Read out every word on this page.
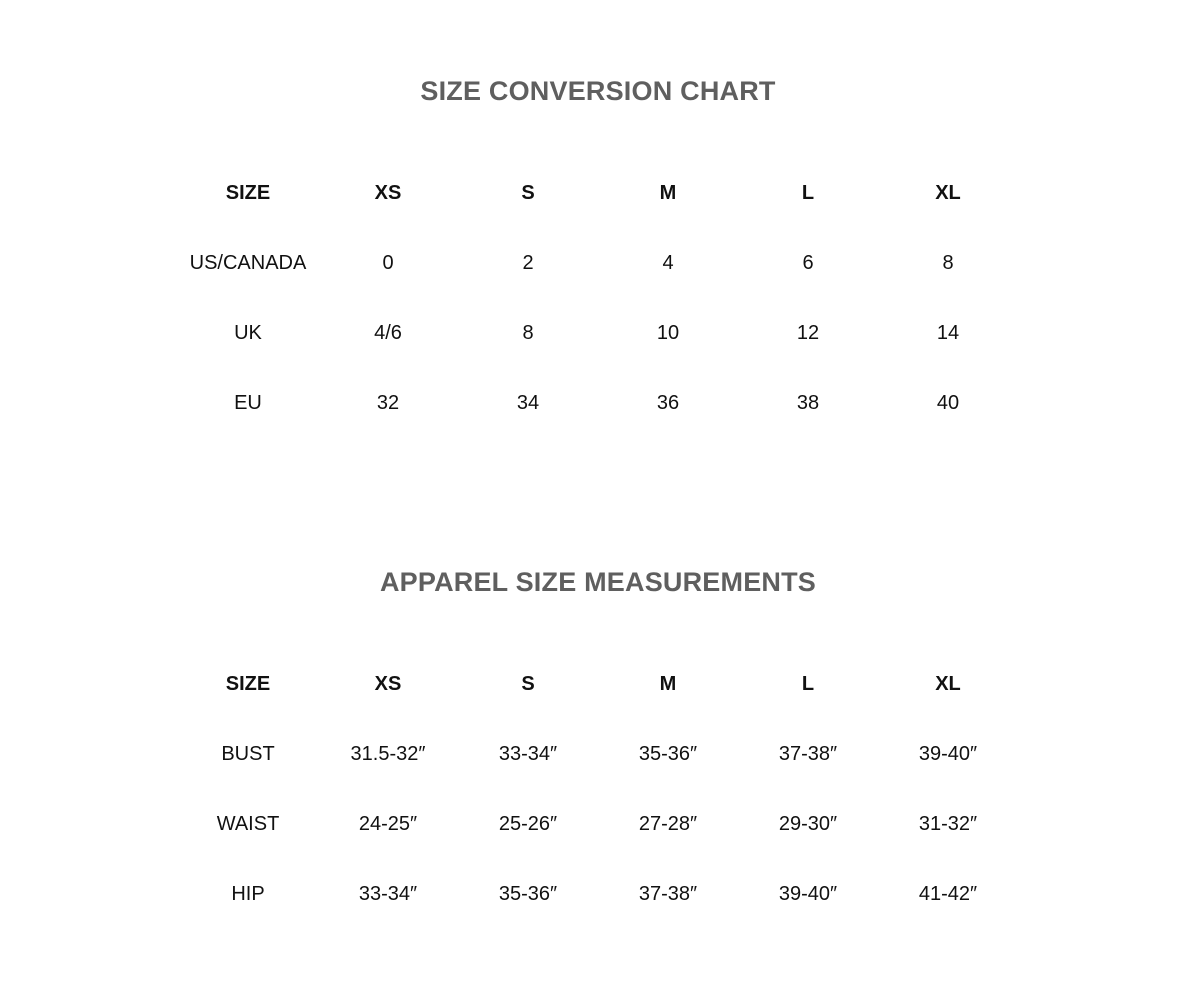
SIZE CONVERSION CHART
SIZE	XS	S	M	L	XL
US/CANADA	0	2	4	6	8
UK	4/6	8	10	12	14
EU	32	34	36	38	40
APPAREL SIZE MEASUREMENTS
SIZE	XS	S	M	L	XL
BUST	31.5-32″	33-34″	35-36″	37-38″	39-40″
WAIST	24-25″	25-26″	27-28″	29-30″	31-32″
HIP	33-34″	35-36″	37-38″	39-40″	41-42″
